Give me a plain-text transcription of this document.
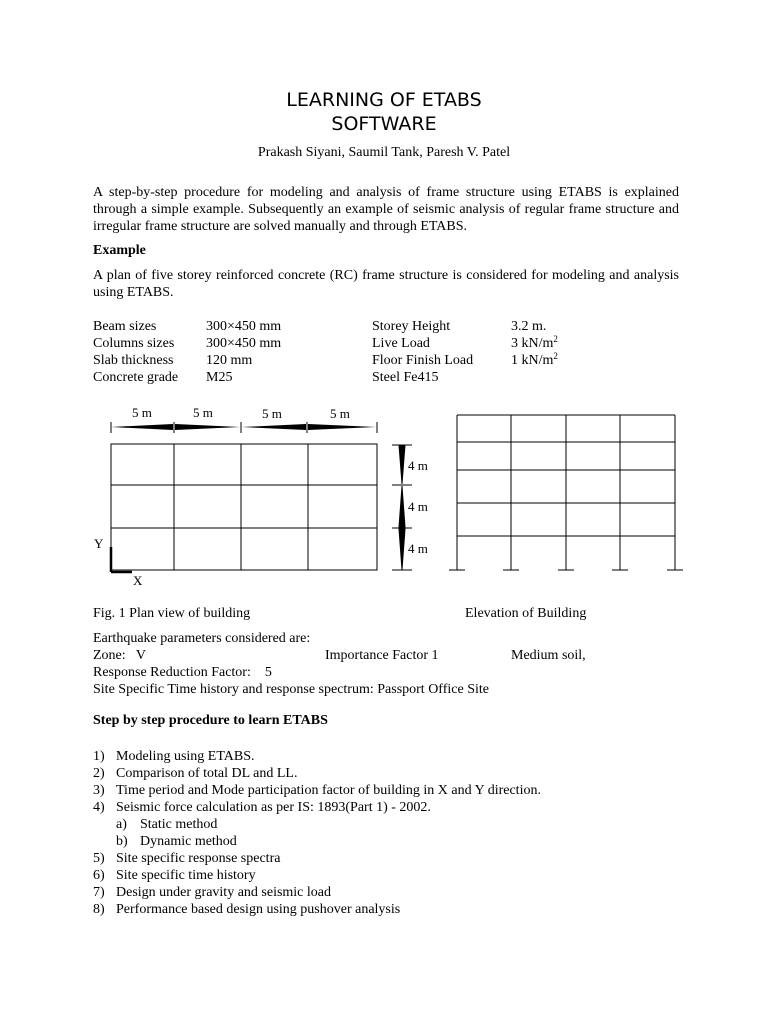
LEARNING OF ETABS
SOFTWARE
Prakash Siyani, Saumil Tank, Paresh V. Patel
A step-by-step procedure for modeling and analysis of frame structure using ETABS is explained through a simple example. Subsequently an example of seismic analysis of regular frame structure and irregular frame structure are solved manually and through ETABS.
Example
A plan of five storey reinforced concrete (RC) frame structure is considered for modeling and analysis using ETABS.
Beam sizes	300×450 mm	Storey Height	3.2 m.
Columns sizes 300×450 mm	Live Load	3 $kN/m^2$
Slab thickness 120 mm	Floor Finish Load	1 $kN/m^2$
Concrete grade M25	Steel Fe415
5 m	5 m	5 m	5 m
4 m
4 m
4 m
Y
X
Fig. 1 Plan view of building	Elevation of Building
Earthquake parameters considered are:
Zone:   V	Importance Factor 1	Medium soil,
Response Reduction Factor:    5
Site Specific Time history and response spectrum: Passport Office Site
Step by step procedure to learn ETABS
1) Modeling using ETABS.
2) Comparison of total DL and LL.
3) Time period and Mode participation factor of building in X and Y direction.
4) Seismic force calculation as per IS: 1893(Part 1) - 2002.
a) Static method
b) Dynamic method
5) Site specific response spectra
6) Site specific time history
7) Design under gravity and seismic load
8) Performance based design using pushover analysis
